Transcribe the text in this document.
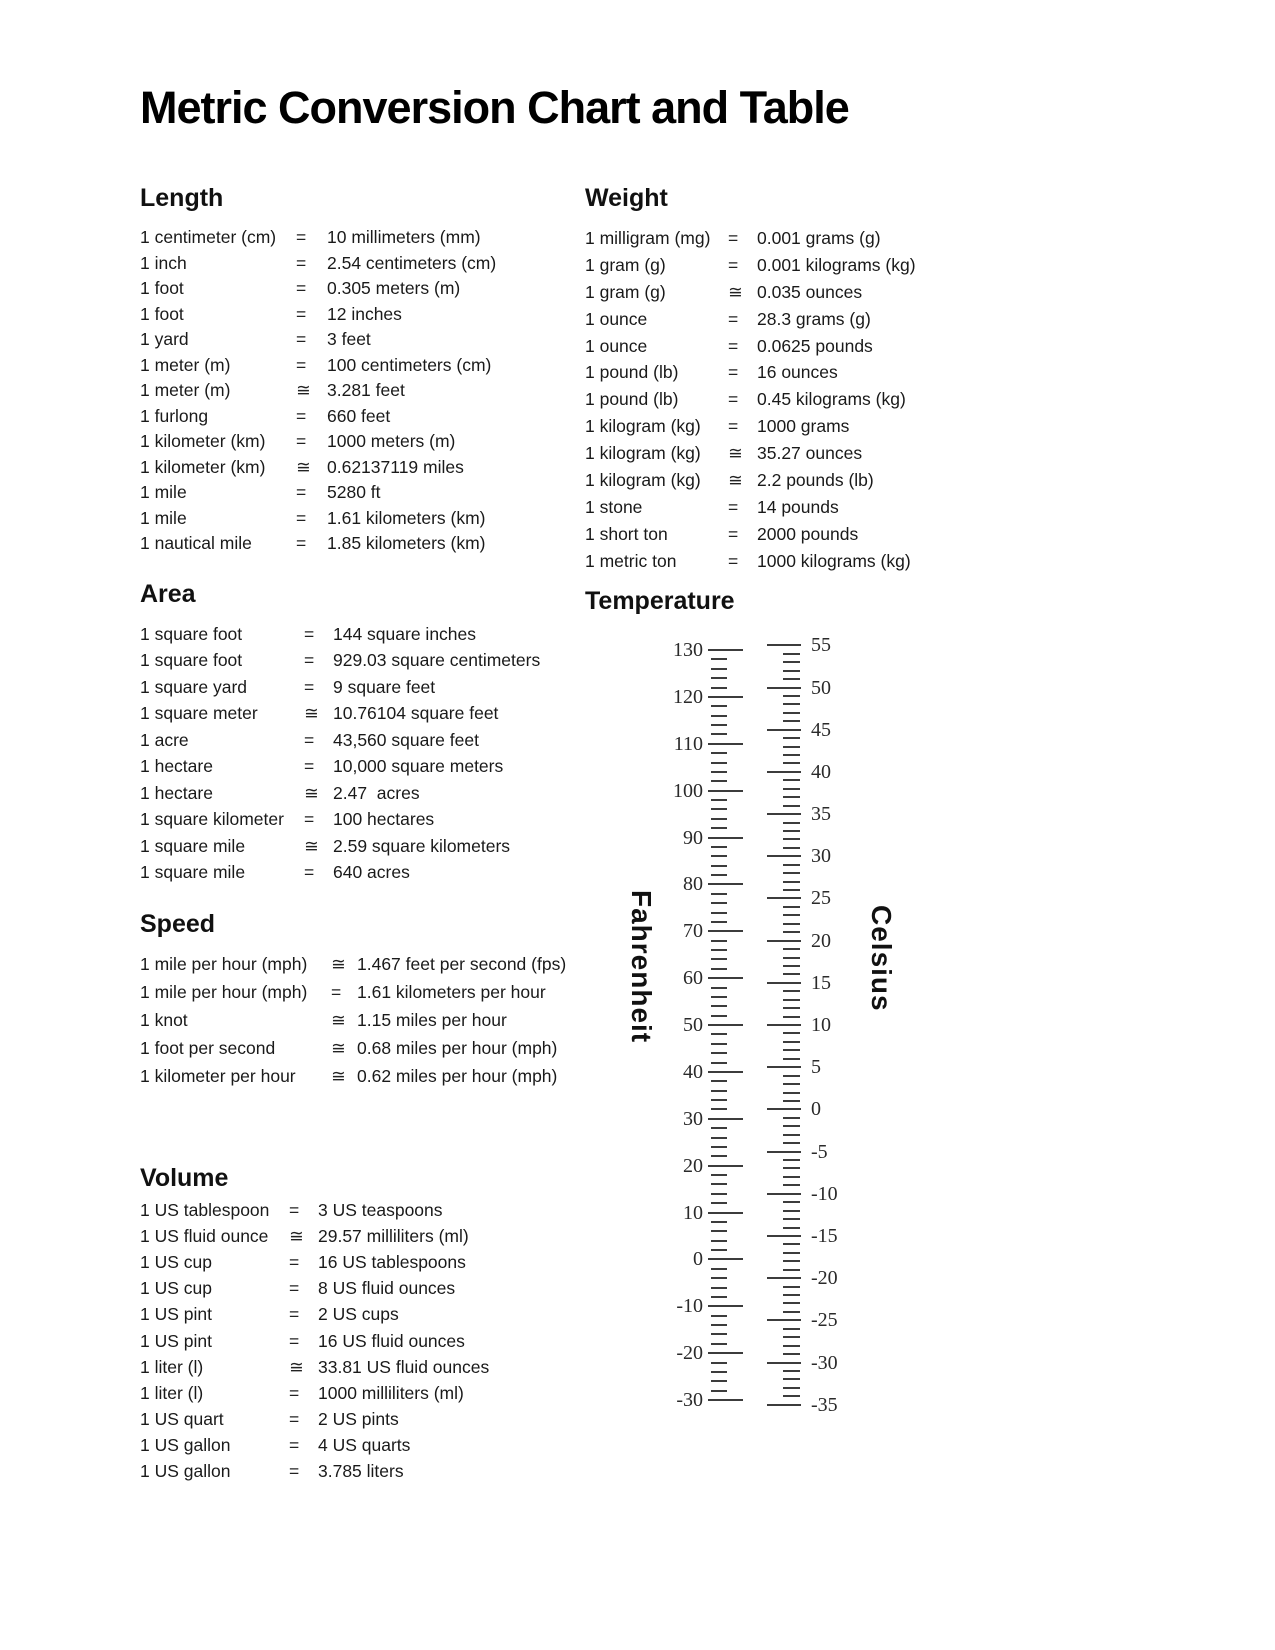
Metric Conversion Chart and Table
Length
1 centimeter (cm)	=	10 millimeters (mm)
1 inch	=	2.54 centimeters (cm)
1 foot	=	0.305 meters (m)
1 foot	=	12 inches
1 yard	=	3 feet
1 meter (m)	=	100 centimeters (cm)
1 meter (m)	≅ 3.281 feet
1 furlong	=	660 feet
1 kilometer (km)	=	1000 meters (m)
1 kilometer (km)	≅ 0.62137119 miles
1 mile	=	5280 ft
1 mile	=	1.61 kilometers (km)
1 nautical mile	=	1.85 kilometers (km)
Weight
1 milligram (mg)	=	0.001 grams (g)
1 gram (g)	=	0.001 kilograms (kg)
1 gram (g)	≅ 0.035 ounces
1 ounce	=	28.3 grams (g)
1 ounce	=	0.0625 pounds
1 pound (lb)	=	16 ounces
1 pound (lb)	=	0.45 kilograms (kg)
1 kilogram (kg)	=	1000 grams
1 kilogram (kg)	≅ 35.27 ounces
1 kilogram (kg)	≅ 2.2 pounds (lb)
1 stone	=	14 pounds
1 short ton	=	2000 pounds
1 metric ton	=	1000 kilograms (kg)
Area
1 square foot	=	144 square inches
1 square foot	=	929.03 square centimeters
1 square yard	=	9 square feet
1 square meter	≅ 10.76104 square feet
1 acre	=	43,560 square feet
1 hectare	=	10,000 square meters
1 hectare	≅ 2.47  acres
1 square kilometer	=	100 hectares
1 square mile	≅ 2.59 square kilometers
1 square mile	=	640 acres
Speed
1 mile per hour (mph)	≅ 1.467 feet per second (fps)
1 mile per hour (mph)	= 1.61 kilometers per hour
1 knot	≅ 1.15 miles per hour
1 foot per second	≅ 0.68 miles per hour (mph)
1 kilometer per hour	≅ 0.62 miles per hour (mph)
Volume
1 US tablespoon	=	3 US teaspoons
1 US fluid ounce	≅ 29.57 milliliters (ml)
1 US cup	=	16 US tablespoons
1 US cup	=	8 US fluid ounces
1 US pint	=	2 US cups
1 US pint	=	16 US fluid ounces
1 liter (l)	≅ 33.81 US fluid ounces
1 liter (l)	=	1000 milliliters (ml)
1 US quart	=	2 US pints
1 US gallon	=	4 US quarts
1 US gallon	=	3.785 liters
Temperature
Fahrenheit	Celsius
130
120
110
100
90
80
70
60
50
40
30
20
10
0
-10
-20
-30
55
50
45
40
35
30
25
20
15
10
5
0
-5
-10
-15
-20
-25
-30
-35
